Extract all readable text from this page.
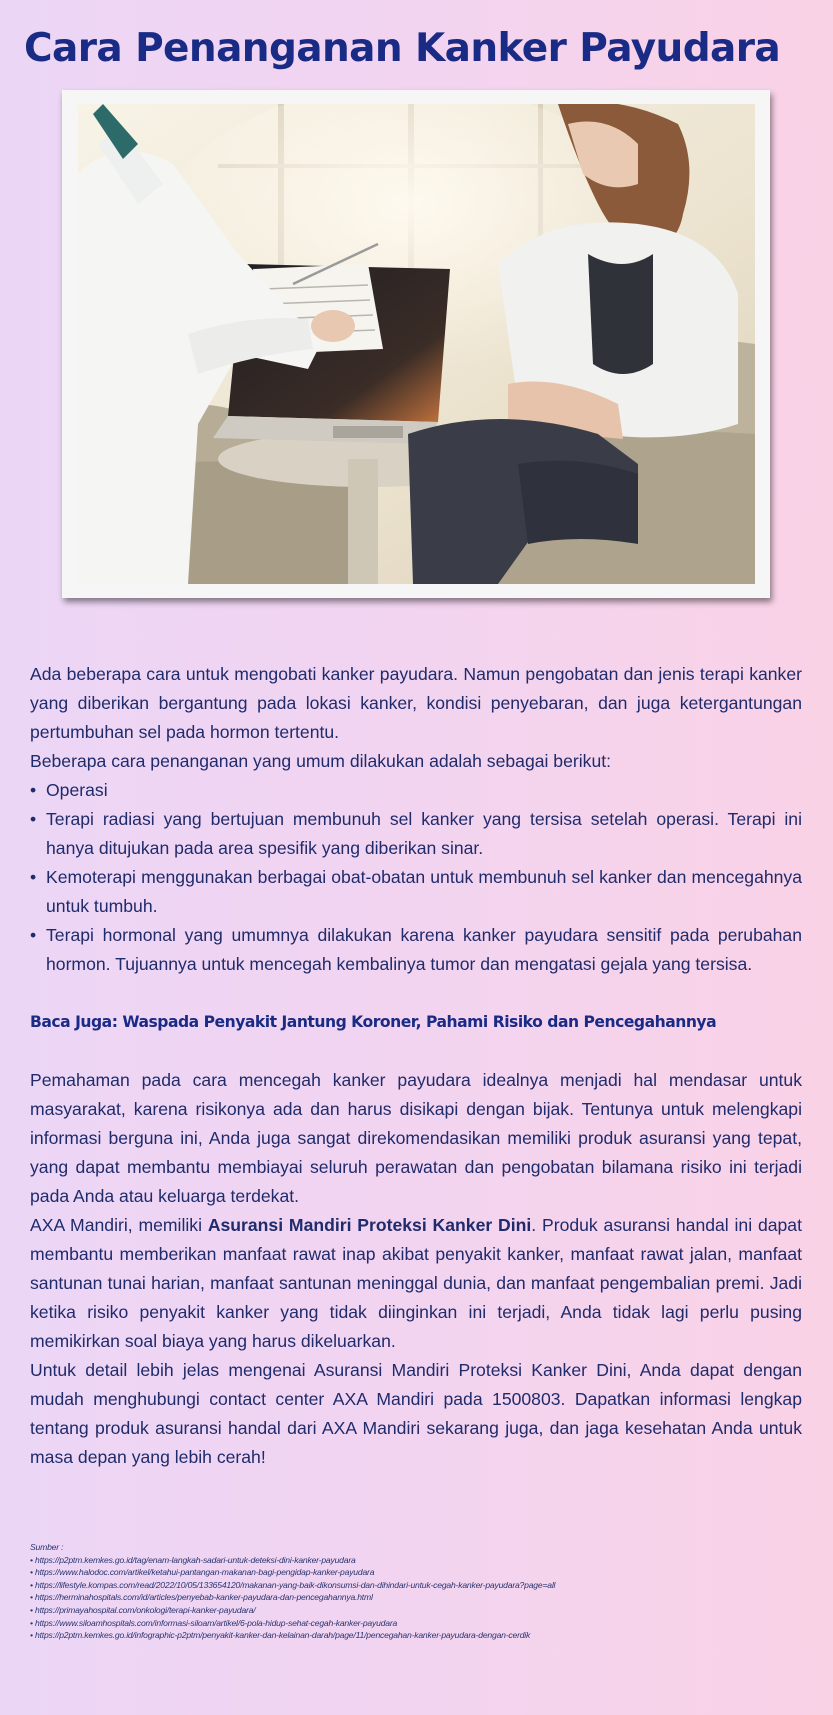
Cara Penanganan Kanker Payudara

Ada beberapa cara untuk mengobati kanker payudara. Namun pengobatan dan jenis terapi kanker yang diberikan bergantung pada lokasi kanker, kondisi penyebaran, dan juga ketergantungan pertumbuhan sel pada hormon tertentu.

Beberapa cara penanganan yang umum dilakukan adalah sebagai berikut:

• Operasi
• Terapi radiasi yang bertujuan membunuh sel kanker yang tersisa setelah operasi. Terapi ini hanya ditujukan pada area spesifik yang diberikan sinar.
• Kemoterapi menggunakan berbagai obat-obatan untuk membunuh sel kanker dan mencegahnya untuk tumbuh.
• Terapi hormonal yang umumnya dilakukan karena kanker payudara sensitif pada perubahan hormon. Tujuannya untuk mencegah kembalinya tumor dan mengatasi gejala yang tersisa.

Baca Juga: Waspada Penyakit Jantung Koroner, Pahami Risiko dan Pencegahannya

Pemahaman pada cara mencegah kanker payudara idealnya menjadi hal mendasar untuk masyarakat, karena risikonya ada dan harus disikapi dengan bijak. Tentunya untuk melengkapi informasi berguna ini, Anda juga sangat direkomendasikan memiliki produk asuransi yang tepat, yang dapat membantu membiayai seluruh perawatan dan pengobatan bilamana risiko ini terjadi pada Anda atau keluarga terdekat.

AXA Mandiri, memiliki Asuransi Mandiri Proteksi Kanker Dini. Produk asuransi handal ini dapat membantu memberikan manfaat rawat inap akibat penyakit kanker, manfaat rawat jalan, manfaat santunan tunai harian, manfaat santunan meninggal dunia, dan manfaat pengembalian premi. Jadi ketika risiko penyakit kanker yang tidak diinginkan ini terjadi, Anda tidak lagi perlu pusing memikirkan soal biaya yang harus dikeluarkan.

Untuk detail lebih jelas mengenai Asuransi Mandiri Proteksi Kanker Dini, Anda dapat dengan mudah menghubungi contact center AXA Mandiri pada 1500803. Dapatkan informasi lengkap tentang produk asuransi handal dari AXA Mandiri sekarang juga, dan jaga kesehatan Anda untuk masa depan yang lebih cerah!

Sumber :
• https://p2ptm.kemkes.go.id/tag/enam-langkah-sadari-untuk-deteksi-dini-kanker-payudara
• https://www.halodoc.com/artikel/ketahui-pantangan-makanan-bagi-pengidap-kanker-payudara
• https://lifestyle.kompas.com/read/2022/10/05/133654120/makanan-yang-baik-dikonsumsi-dan-dihindari-untuk-cegah-kanker-payudara?page=all
• https://herminahospitals.com/id/articles/penyebab-kanker-payudara-dan-pencegahannya.html
• https://primayahospital.com/onkologi/terapi-kanker-payudara/
• https://www.siloamhospitals.com/informasi-siloam/artikel/6-pola-hidup-sehat-cegah-kanker-payudara
• https://p2ptm.kemkes.go.id/infographic-p2ptm/penyakit-kanker-dan-kelainan-darah/page/11/pencegahan-kanker-payudara-dengan-cerdik
